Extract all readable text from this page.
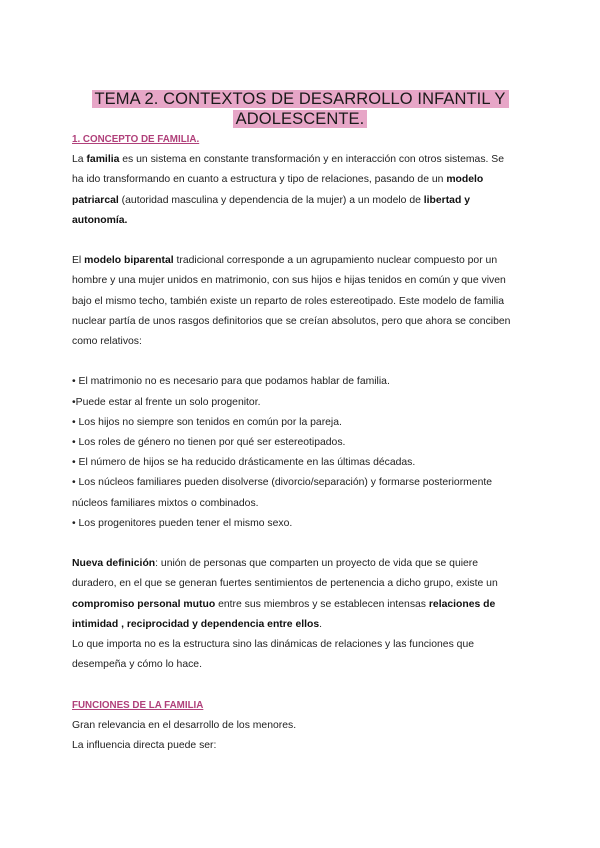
TEMA 2. CONTEXTOS DE DESARROLLO INFANTIL Y
ADOLESCENTE.

1. CONCEPTO DE FAMILIA.

La familia es un sistema en constante transformación y en interacción con otros sistemas. Se ha ido transformando en cuanto a estructura y tipo de relaciones, pasando de un modelo patriarcal (autoridad masculina y dependencia de la mujer) a un modelo de libertad y autonomía.

El modelo biparental tradicional corresponde a un agrupamiento nuclear compuesto por un hombre y una mujer unidos en matrimonio, con sus hijos e hijas tenidos en común y que viven bajo el mismo techo, también existe un reparto de roles estereotipado. Este modelo de familia nuclear partía de unos rasgos definitorios que se creían absolutos, pero que ahora se conciben como relativos:

• El matrimonio no es necesario para que podamos hablar de familia.

•Puede estar al frente un solo progenitor.

• Los hijos no siempre son tenidos en común por la pareja.

• Los roles de género no tienen por qué ser estereotipados.

• El número de hijos se ha reducido drásticamente en las últimas décadas.

• Los núcleos familiares pueden disolverse (divorcio/separación) y formarse posteriormente núcleos familiares mixtos o combinados.

• Los progenitores pueden tener el mismo sexo.

Nueva definición: unión de personas que comparten un proyecto de vida que se quiere duradero, en el que se generan fuertes sentimientos de pertenencia a dicho grupo, existe un compromiso personal mutuo entre sus miembros y se establecen intensas relaciones de intimidad , reciprocidad y dependencia entre ellos.

Lo que importa no es la estructura sino las dinámicas de relaciones y las funciones que desempeña y cómo lo hace.

FUNCIONES DE LA FAMILIA

Gran relevancia en el desarrollo de los menores.

La influencia directa puede ser:
